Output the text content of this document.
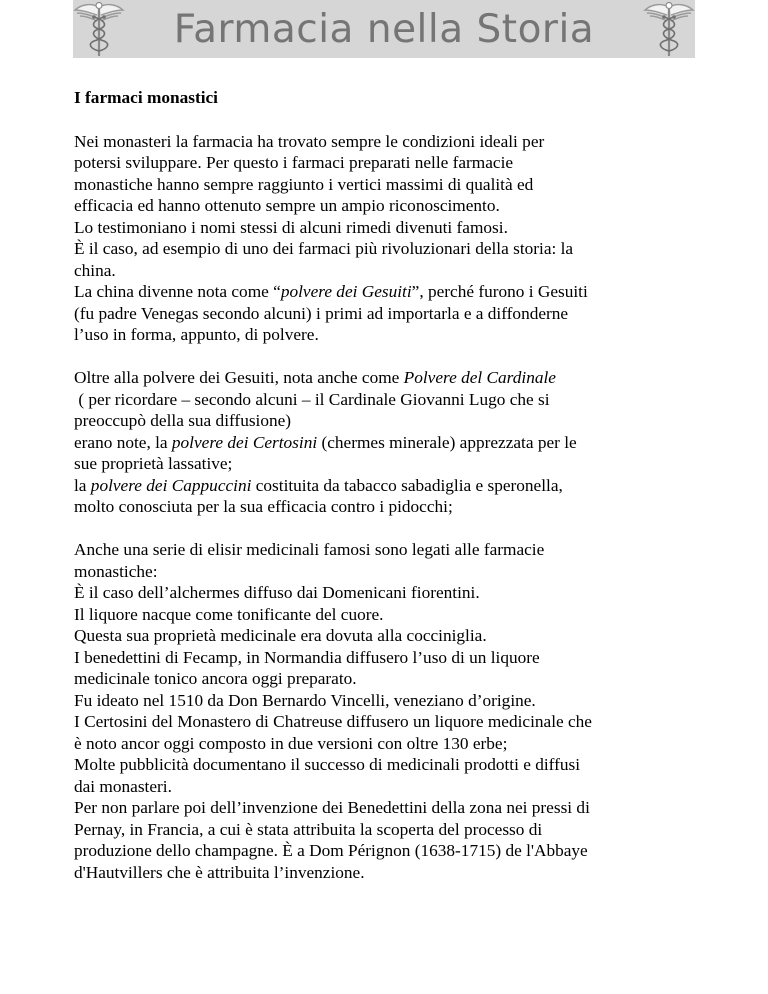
Farmacia nella Storia

I farmaci monastici

Nei monasteri la farmacia ha trovato sempre le condizioni ideali per

potersi sviluppare. Per questo i farmaci preparati nelle farmacie

monastiche hanno sempre raggiunto i vertici massimi di qualità ed

efficacia ed hanno ottenuto sempre un ampio riconoscimento.

Lo testimoniano i nomi stessi di alcuni rimedi divenuti famosi.

È il caso, ad esempio di uno dei farmaci più rivoluzionari della storia: la

china.

La china divenne nota come “polvere dei Gesuiti”, perché furono i Gesuiti

(fu padre Venegas secondo alcuni) i primi ad importarla e a diffonderne

l’uso in forma, appunto, di polvere.

Oltre alla polvere dei Gesuiti, nota anche come Polvere del Cardinale

( per ricordare – secondo alcuni – il Cardinale Giovanni Lugo che si

preoccupò della sua diffusione)

erano note, la polvere dei Certosini (chermes minerale) apprezzata per le

sue proprietà lassative;

la polvere dei Cappuccini costituita da tabacco sabadiglia e speronella,

molto conosciuta per la sua efficacia contro i pidocchi;

Anche una serie di elisir medicinali famosi sono legati alle farmacie

monastiche:

È il caso dell’alchermes diffuso dai Domenicani fiorentini.

Il liquore nacque come tonificante del cuore.

Questa sua proprietà medicinale era dovuta alla cocciniglia.

I benedettini di Fecamp, in Normandia diffusero l’uso di un liquore

medicinale tonico ancora oggi preparato.

Fu ideato nel 1510 da Don Bernardo Vincelli, veneziano d’origine.

I Certosini del Monastero di Chatreuse diffusero un liquore medicinale che

è noto ancor oggi composto in due versioni con oltre 130 erbe;

Molte pubblicità documentano il successo di medicinali prodotti e diffusi

dai monasteri.

Per non parlare poi dell’invenzione dei Benedettini della zona nei pressi di

Pernay, in Francia, a cui è stata attribuita la scoperta del processo di

produzione dello champagne. È a Dom Pérignon (1638-1715) de l'Abbaye

d'Hautvillers che è attribuita l’invenzione.
